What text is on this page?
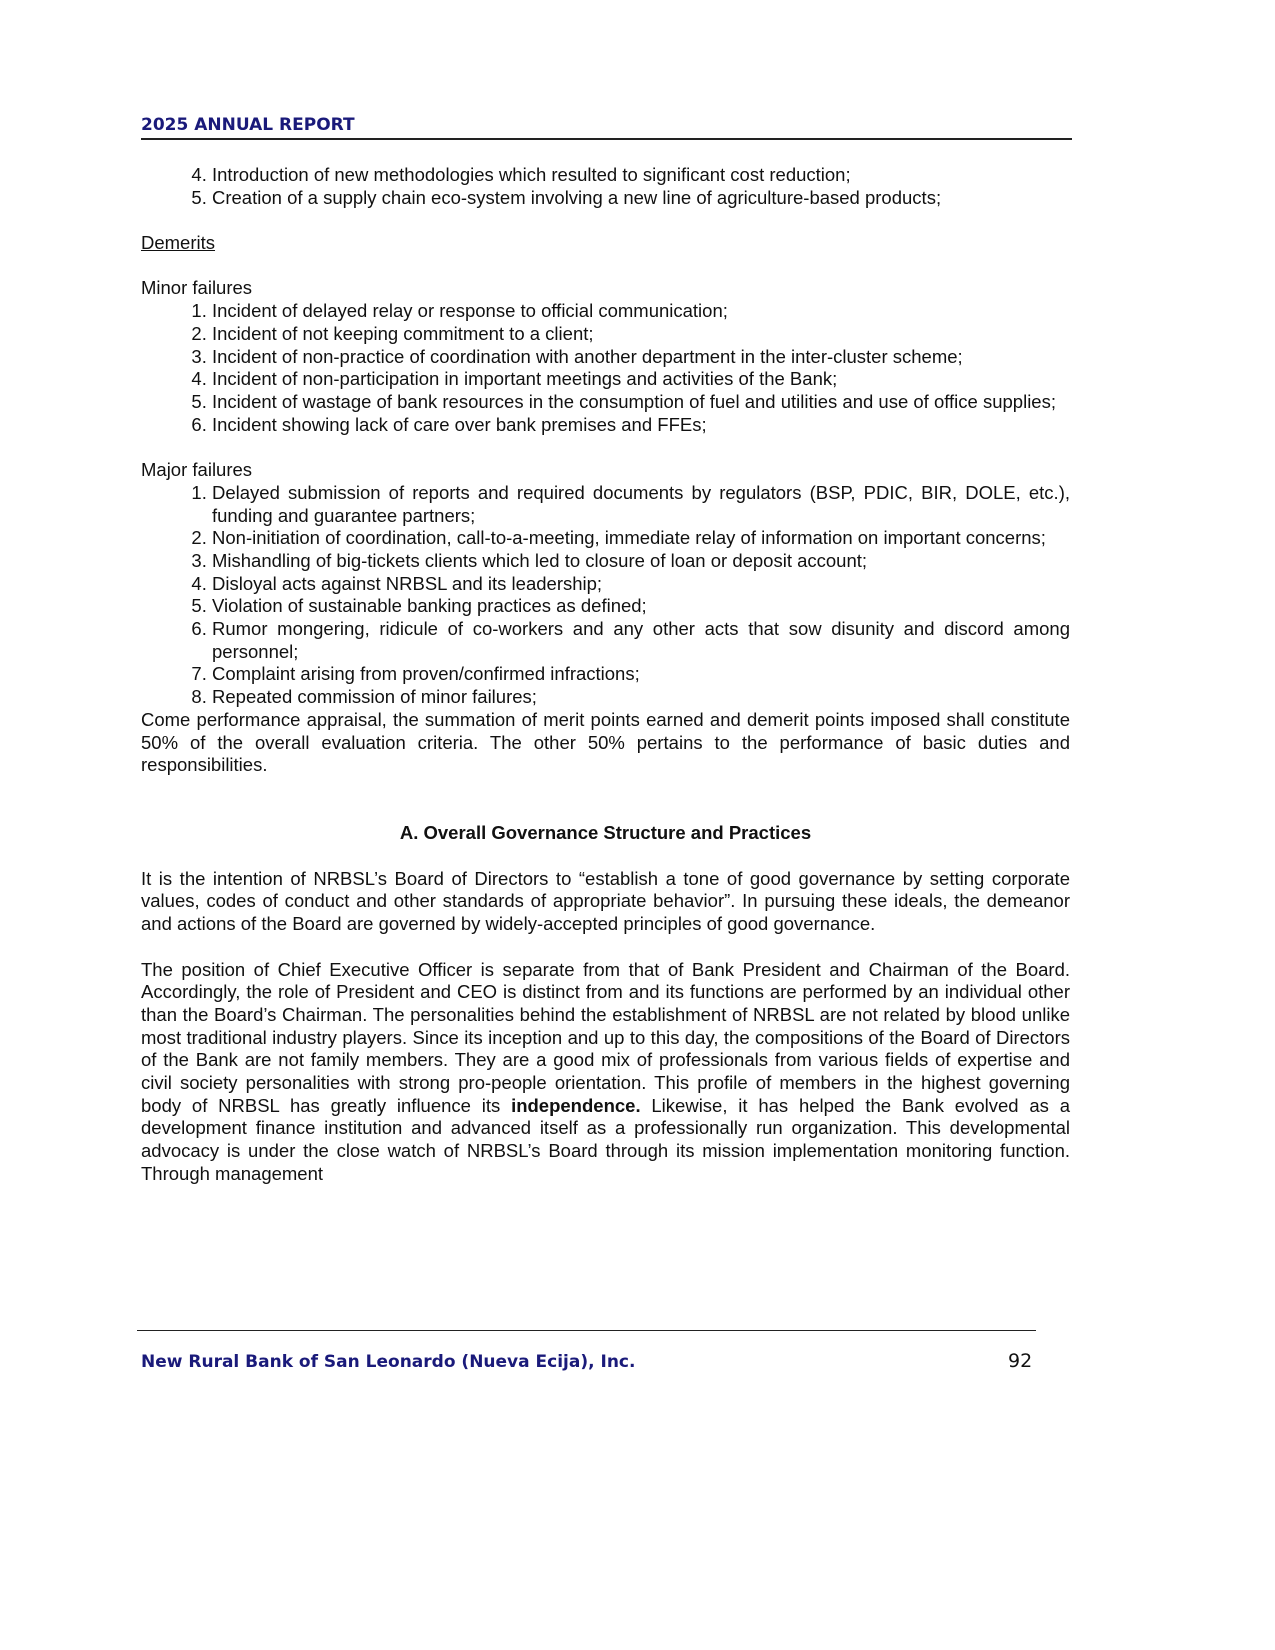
2025 ANNUAL REPORT
4. Introduction of new methodologies which resulted to significant cost reduction;
5. Creation of a supply chain eco-system involving a new line of agriculture-based products;

Demerits

Minor failures

1. Incident of delayed relay or response to official communication;
2. Incident of not keeping commitment to a client;
3. Incident of non-practice of coordination with another department in the inter-cluster scheme;
4. Incident of non-participation in important meetings and activities of the Bank;
5. Incident of wastage of bank resources in the consumption of fuel and utilities and use of office supplies;
6. Incident showing lack of care over bank premises and FFEs;

Major failures

1. Delayed submission of reports and required documents by regulators (BSP, PDIC, BIR, DOLE, etc.), funding and guarantee partners;
2. Non-initiation of coordination, call-to-a-meeting, immediate relay of information on important concerns;
3. Mishandling of big-tickets clients which led to closure of loan or deposit account;
4. Disloyal acts against NRBSL and its leadership;
5. Violation of sustainable banking practices as defined;
6. Rumor mongering, ridicule of co-workers and any other acts that sow disunity and discord among personnel;
7. Complaint arising from proven/confirmed infractions;
8. Repeated commission of minor failures;

Come performance appraisal, the summation of merit points earned and demerit points imposed shall constitute 50% of the overall evaluation criteria. The other 50% pertains to the performance of basic duties and responsibilities.

A. Overall Governance Structure and Practices

It is the intention of NRBSL’s Board of Directors to “establish a tone of good governance by setting corporate values, codes of conduct and other standards of appropriate behavior”. In pursuing these ideals, the demeanor and actions of the Board are governed by widely-accepted principles of good governance.

The position of Chief Executive Officer is separate from that of Bank President and Chairman of the Board. Accordingly, the role of President and CEO is distinct from and its functions are performed by an individual other than the Board’s Chairman. The personalities behind the establishment of NRBSL are not related by blood unlike most traditional industry players. Since its inception and up to this day, the compositions of the Board of Directors of the Bank are not family members. They are a good mix of professionals from various fields of expertise and civil society personalities with strong pro-people orientation. This profile of members in the highest governing body of NRBSL has greatly influence its independence. Likewise, it has helped the Bank evolved as a development finance institution and advanced itself as a professionally run organization. This developmental advocacy is under the close watch of NRBSL’s Board through its mission implementation monitoring function. Through management

New Rural Bank of San Leonardo (Nueva Ecija), Inc.	92
